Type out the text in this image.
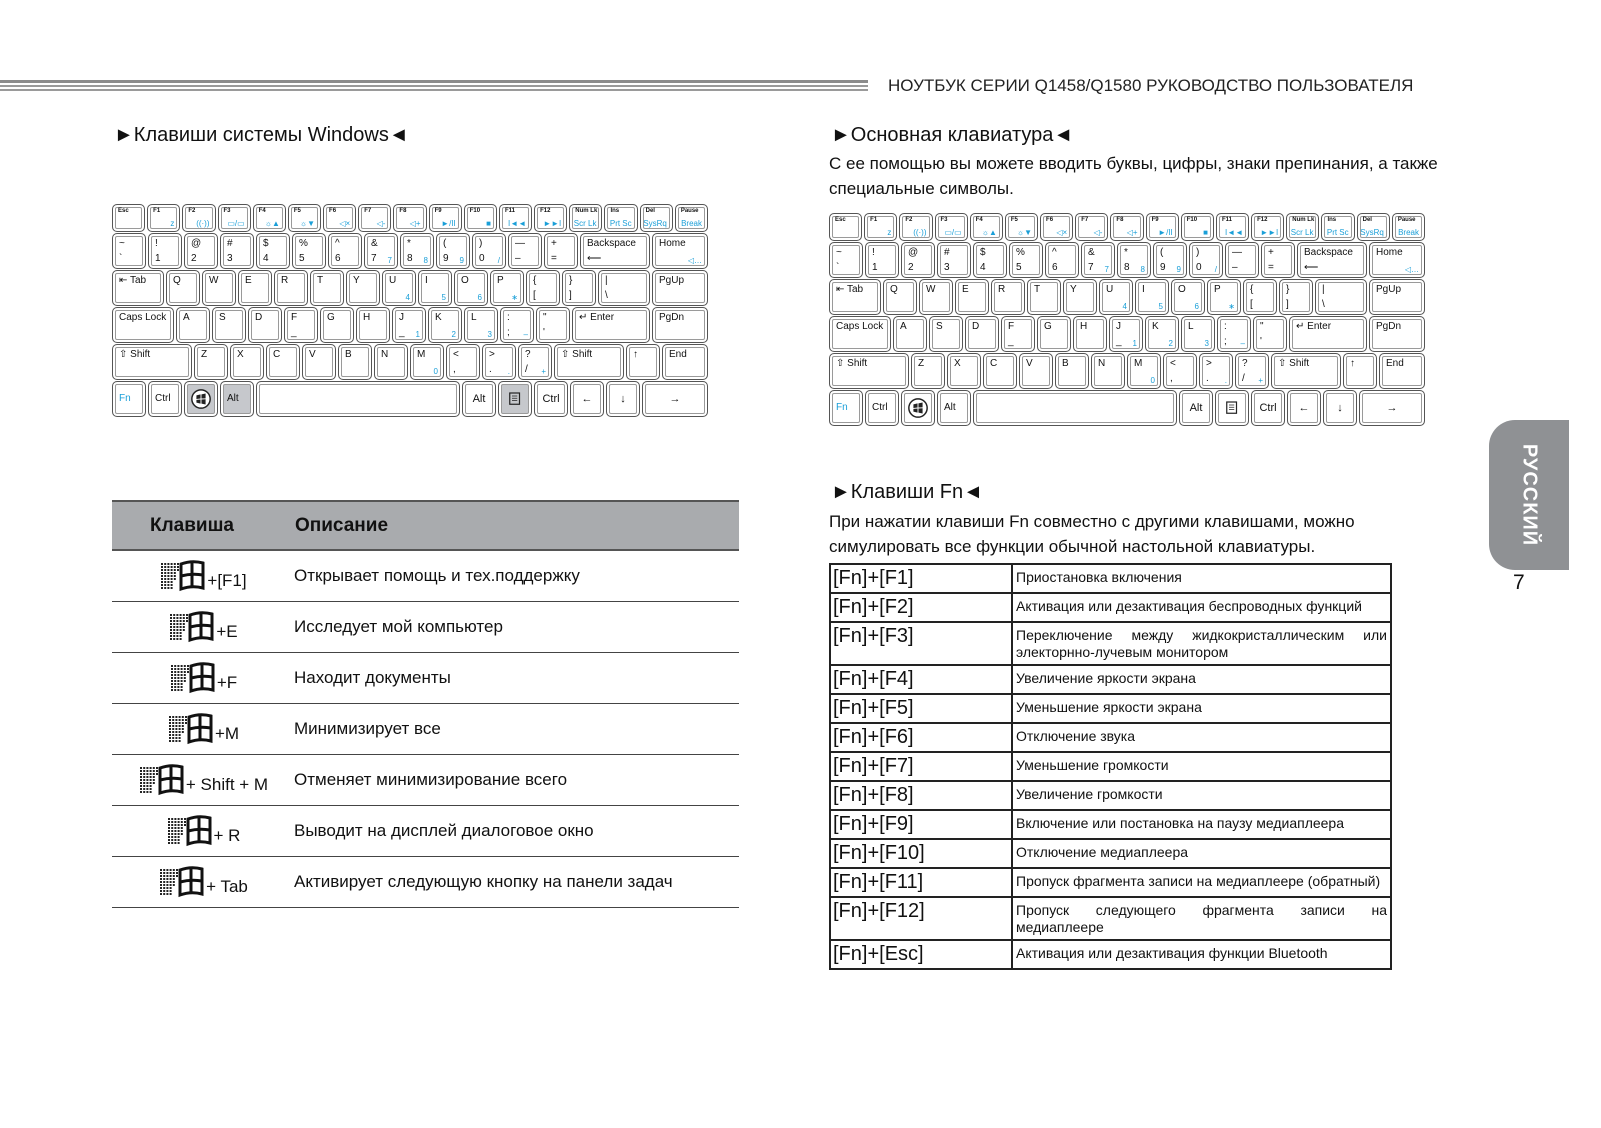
НОУТБУК СЕРИИ Q1458/Q1580 РУКОВОДСТВО ПОЛЬЗОВАТЕЛЯ
►Клавиши системы Windows◄
Esc	F1
z
F2
((·))
F3
▭/▭
F4
☼▲
F5
☼▼
F6
◁×
F7
◁-
F8
◁+
F9
►/II
F10
■
F11
I◄◄
F12
►►I
Num Lk
Scr Lk
Ins
Prt Sc
Del
SysRq
Pause
Break
~
`
!
1
@
2
#
3
$
4
%
5
^
6
&
7 7
*
8 8
(
9 9
)
0 /
—
–
+
=
Backspace
⟵
Home
◁…
⇤ Tab	Q	W	E	R	T	Y	U
4
I
5
O
6
P
∗
{
[
}
]
|
\
PgUp
Caps Lock A	S	D	F
_
G	H	J
_ 1
K
2
L
3
:
; –
"
'
↵ Enter	PgDn
⇧ Shift	Z	X	C	V	B	N	M
0
<
,
>
. .
?
/ +
⇧ Shift	↑	End
Fn Ctrl	Alt	Alt	Ctrl	←	↓	→
Клавиша	Описание
+[F1]	Открывает помощь и тех.поддержку
+E	Исследует мой компьютер
+F	Находит документы
+M	Минимизирует все
+ Shift + M	Отменяет минимизирование всего
+ R	Выводит на дисплей диалоговое окно
+ Tab	Активирует следующую кнопку на панели задач
►Основная клавиатура◄
С ее помощью вы можете вводить буквы, цифры, знаки препинания, а также специальные символы.
Esc	F1
z
F2
((·))
F3
▭/▭
F4
☼▲
F5
☼▼
F6
◁×
F7
◁-
F8
◁+
F9
►/II
F10
■
F11
I◄◄
F12
►►I
Num Lk
Scr Lk
Ins
Prt Sc
Del
SysRq
Pause
Break
~
`
!
1
@
2
#
3
$
4
%
5
^
6
&
7 7
*
8 8
(
9 9
)
0 /
—
–
+
=
Backspace
⟵
Home
◁…
⇤ Tab	Q	W	E	R	T	Y	U
4
I
5
O
6
P
∗
{
[
}
]
|
\
PgUp
Caps Lock A	S	D	F
_
G	H	J
_ 1
K
2
L
3
:
; –
"
'
↵ Enter	PgDn
⇧ Shift	Z	X	C	V	B	N	M
0
<
,
>
. .
?
/ +
⇧ Shift	↑	End
Fn Ctrl	Alt	Alt	Ctrl	←	↓	→
►Клавиши Fn◄
При нажатии клавиши Fn совместно с другими клавишами, можно симулировать все функции обычной настольной клавиатуры.
[Fn]+[F1]	Приостановка включения
[Fn]+[F2]	Активация или дезактивация беспроводных функций
[Fn]+[F3]	Переключение между жидкокристаллическим или электорнно-лучевым монитором
[Fn]+[F4]	Увеличение яркости экрана
[Fn]+[F5]	Уменьшение яркости экрана
[Fn]+[F6]	Отключение звука
[Fn]+[F7]	Уменьшение громкости
[Fn]+[F8]	Увеличение громкости
[Fn]+[F9]	Включение или постановка на паузу медиаплеера
[Fn]+[F10]	Отключение медиаплеера
[Fn]+[F11]	Пропуск фрагмента записи на медиаплеере (обратный)
[Fn]+[F12]	Пропуск следующего фрагмента записи на медиаплеере
[Fn]+[Esc]	Активация или дезактивация функции Bluetooth
РУССКИЙ
7
